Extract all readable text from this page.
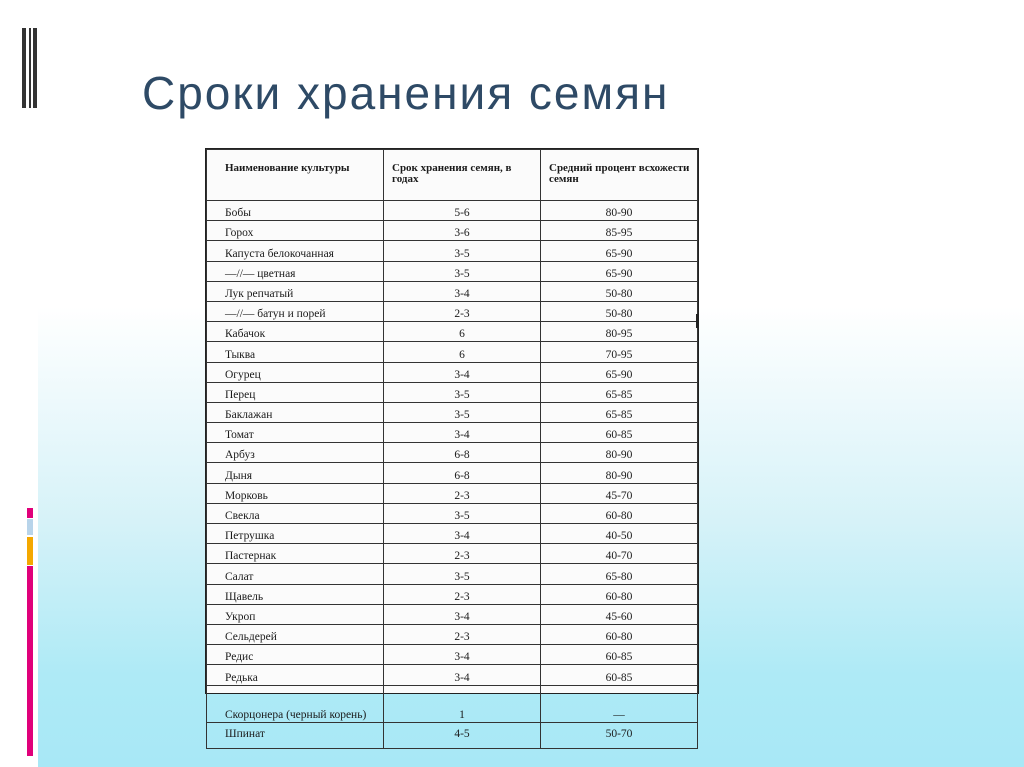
Сроки хранения семян
Наименование культуры	Срок хранения семян, в годах	Средний процент всхожести семян
Бобы	5-6	80-90
Горох	3-6	85-95
Капуста белокочанная	3-5	65-90
—//— цветная	3-5	65-90
Лук репчатый	3-4	50-80
—//— батун и порей	2-3	50-80
Кабачок	6	80-95
Тыква	6	70-95
Огурец	3-4	65-90
Перец	3-5	65-85
Баклажан	3-5	65-85
Томат	3-4	60-85
Арбуз	6-8	80-90
Дыня	6-8	80-90
Морковь	2-3	45-70
Свекла	3-5	60-80
Петрушка	3-4	40-50
Пастернак	2-3	40-70
Салат	3-5	65-80
Щавель	2-3	60-80
Укроп	3-4	45-60
Сельдерей	2-3	60-80
Редис	3-4	60-85
Редька	3-4	60-85
Скорцонера (черный корень)	1	—
Шпинат	4-5	50-70
